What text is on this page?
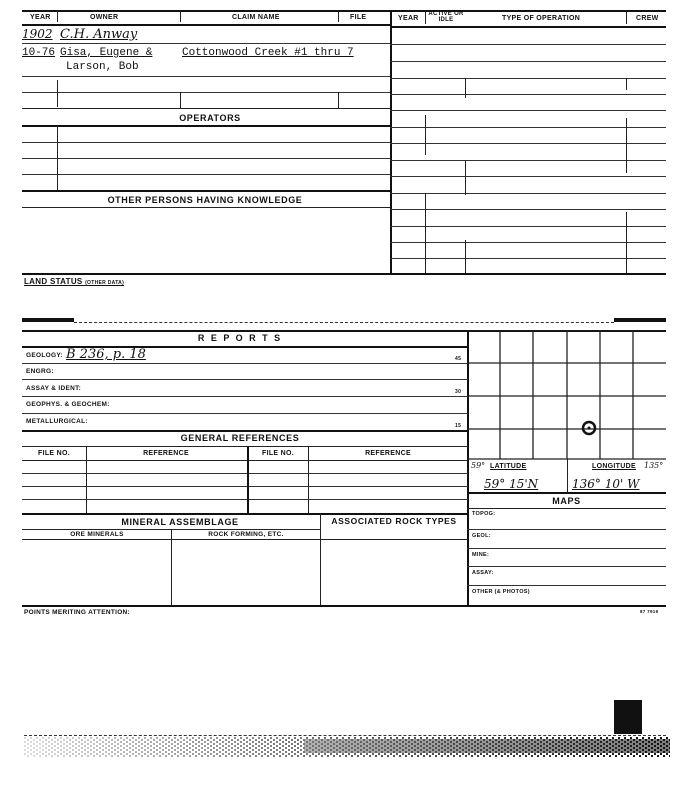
YEAR	OWNER	CLAIM NAME	FILE
1902 C.H. Anway
10-76 Gisa, Eugene &	Cottonwood Creek #1 thru 7
Larson, Bob
OPERATORS
OTHER PERSONS HAVING KNOWLEDGE
YEAR
ACTIVE OR IDLE	TYPE OF OPERATION	CREW
LAND STATUS (OTHER DATA)
R E P O R T S
GEOLOGY: B 236, p. 18	45
ENGRG:
ASSAY & IDENT:	30
GEOPHYS. & GEOCHEM:
METALLURGICAL:
15
GENERAL REFERENCES
FILE NO.	REFERENCE	FILE NO.	REFERENCE
MINERAL ASSEMBLAGE	ASSOCIATED ROCK TYPES
ORE MINERALS	ROCK FORMING, ETC.
59° LATITUDE	LONGITUDE 135°
59° 15'N	136° 10' W
MAPS
TOPOG:
GEOL:
MINE:
ASSAY:
OTHER (& PHOTOS)
POINTS MERITING ATTENTION:	87 7919
